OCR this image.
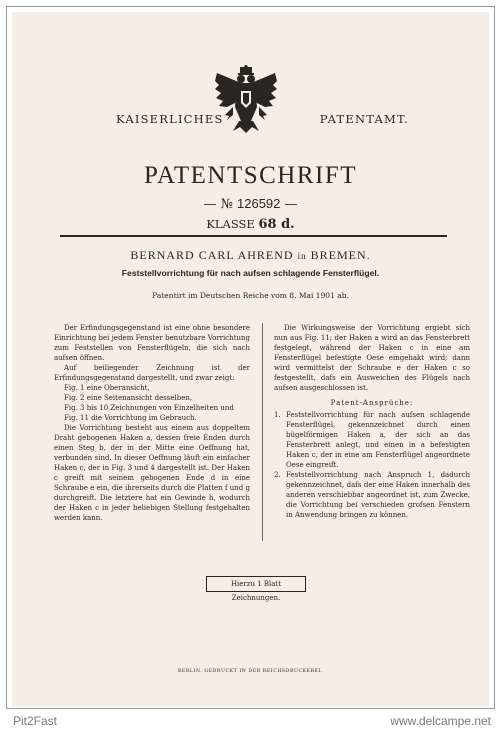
KAISERLICHES	PATENTAMT.
PATENTSCHRIFT
— № 126592 —
KLASSE 68 d.
BERNARD CARL AHREND in BREMEN.
Feststellvorrichtung für nach aufsen schlagende Fensterflügel.
Patentirt im Deutschen Reiche vom 8. Mai 1901 ab.

Der Erfindungsgegenstand ist eine ohne besondere Einrichtung bei jedem Fenster benutzbare Vorrichtung zum Feststellen von Fensterflügeln, die sich nach aufsen öffnen.

Auf beiliegender Zeichnung ist der Erfindungsgegenstand dargestellt, und zwar zeigt:

Fig. 1 eine Oberansicht,

Fig. 2 eine Seitenansicht desselben,

Fig. 3 bis 10 Zeichnungen von Einzelheiten und

Fig. 11 die Vorrichtung im Gebrauch.

Die Vorrichtung besteht aus einem aus doppeltem Draht gebogenen Haken a, dessen freie Enden durch einen Steg b, der in der Mitte eine Oeffnung hat, verbunden sind. In dieser Oeffnung läuft ein einfacher Haken c, der in Fig. 3 und 4 dargestellt ist. Der Haken c greift mit seinem gebogenen Ende d in eine Schraube e ein, die ihrerseits durch die Platten f und g durchgreift. Die letztere hat ein Gewinde h, wodurch der Haken c in jeder beliebigen Stellung festgehalten werden kann.

Die Wirkungsweise der Vorrichtung ergiebt sich nun aus Fig. 11; der Haken a wird an das Fensterbrett festgelegt, während der Haken c in eine am Fensterflügel befestigte Oese eingehakt wird; dann wird vermittelst der Schraube e der Haken c so festgestellt, dafs ein Ausweichen des Flügels nach aufsen ausgeschlossen ist.

Patent-Ansprüche:

1. Feststellvorrichtung für nach aufsen schlagende Fensterflügel, gekennzeichnet durch einen bügelförmigen Haken a, der sich an das Fensterbrett anlegt, und einen in a befestigten Haken c, der in eine am Fensterflügel angeordnete Oese eingreift.

2. Feststellvorrichtung nach Anspruch 1, dadurch gekennzeichnet, dafs der eine Haken innerhalb des anderen verschiebbar angeordnet ist, zum Zwecke, die Vorrichtung bei verschieden grofsen Fenstern in Anwendung bringen zu können.

Hierzu 1 Blatt Zeichnungen.
BERLIN. GEDRUCKT IN DER REICHSDRUCKEREI.
Pit2Fast	www.delcampe.net
